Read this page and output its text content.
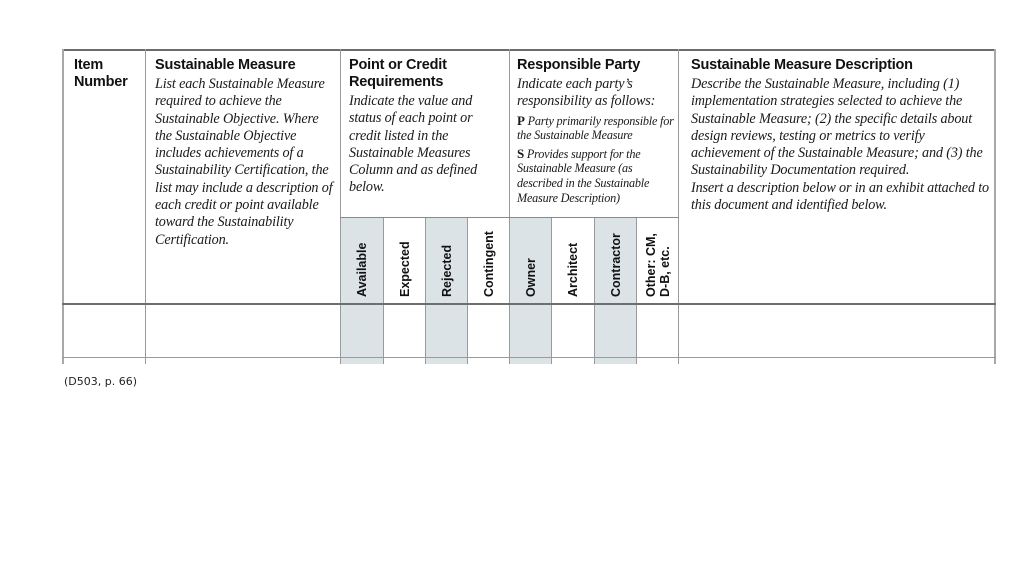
Item
Number
Sustainable Measure

List each Sustainable Measure required to achieve the Sustainable Objective. Where the Sustainable Objective includes achievements of a Sustainability Certification, the list may include a description of each credit or point available toward the Sustainability Certification.

Point or Credit Requirements

Indicate the value and status of each point or credit listed in the Sustainable Measures Column and as defined below.

Responsible Party

Indicate each party’s responsibility as follows:

P Party primarily responsible for the Sustainable Measure

S Provides support for the Sustainable Measure (as described in the Sustainable Measure Description)

Sustainable Measure Description

Describe the Sustainable Measure, including (1) implementation strategies selected to achieve the Sustainable Measure; (2) the specific details about design reviews, testing or metrics to verify achievement of the Sustainable Measure; and (3) the Sustainability Documentation required.

Insert a description below or in an exhibit attached to this document and identified below.

Available Expected Rejected Contingent Owner Architect Contractor Other: CM,
D-B, etc.
(D503, p. 66)
